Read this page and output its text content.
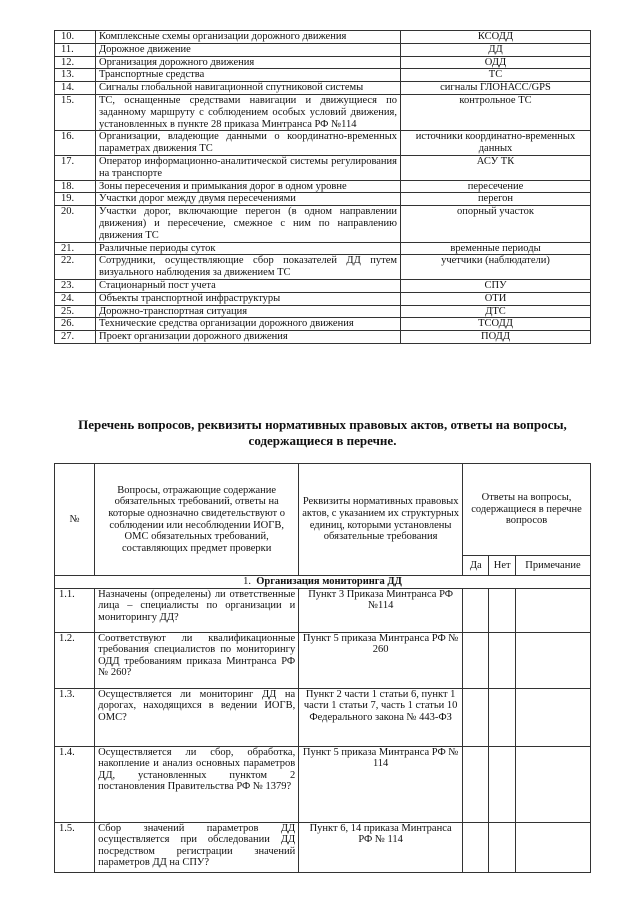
10.	Комплексные схемы организации дорожного движения	КСОДД
11.	Дорожное движение	ДД
12.	Организация дорожного движения	ОДД
13.	Транспортные средства	ТС
14.	Сигналы глобальной навигационной спутниковой системы	сигналы ГЛОНАСС/GPS
15.	ТС, оснащенные средствами навигации и движущиеся по заданному маршруту с соблюдением особых условий движения, установленных в пункте 28 приказа Минтранса РФ №114	контрольное ТС
16.	Организации, владеющие данными о координатно-временных параметрах движения ТС	источники координатно-временных данных
17.	Оператор информационно-аналитической системы регулирования на транспорте	АСУ ТК
18.	Зоны пересечения и примыкания дорог в одном уровне	пересечение
19.	Участки дорог между двумя пересечениями	перегон
20.	Участки дорог, включающие перегон (в одном направлении движения) и пересечение, смежное с ним по направлению движения ТС	опорный участок
21.	Различные периоды суток	временные периоды
22.	Сотрудники, осуществляющие сбор показателей ДД путем визуального наблюдения за движением ТС	учетчики (наблюдатели)
23.	Стационарный пост учета	СПУ
24.	Объекты транспортной инфраструктуры	ОТИ
25.	Дорожно-транспортная ситуация	ДТС
26.	Технические средства организации дорожного движения	ТСОДД
27.	Проект организации дорожного движения	ПОДД
Перечень вопросов, реквизиты нормативных правовых актов, ответы на вопросы, содержащиеся в перечне.
№	Вопросы, отражающие содержание обязательных требований, ответы на которые однозначно свидетельствуют о соблюдении или несоблюдении ИОГВ, ОМС обязательных требований, составляющих предмет проверки	Реквизиты нормативных правовых актов, с указанием их структурных единиц, которыми установлены обязательные требования	Ответы на вопросы, содержащиеся в перечне вопросов		
			Да	Нет	Примечание
1. Организация мониторинга ДД					
1.1.	Назначены (определены) ли ответственные лица – специалисты по организации и мониторингу ДД?	Пункт 3 Приказа Минтранса РФ №114			
1.2.	Соответствуют ли квалификационные требования специалистов по мониторингу ОДД требованиям приказа Минтранса РФ № 260?	Пункт 5 приказа Минтранса РФ № 260			
1.3.	Осуществляется ли мониторинг ДД на дорогах, находящихся в ведении ИОГВ, ОМС?	Пункт 2 части 1 статьи 6, пункт 1 части 1 статьи 7, часть 1 статьи 10 Федерального закона № 443-ФЗ			
1.4.	Осуществляется ли сбор, обработка, накопление и анализ основных параметров ДД, установленных пунктом 2 постановления Правительства РФ № 1379?	Пункт 5 приказа Минтранса РФ № 114			
1.5.	Сбор значений параметров ДД осуществляется при обследовании ДД посредством регистрации значений параметров ДД на СПУ?	Пункт 6, 14 приказа Минтранса РФ № 114			
